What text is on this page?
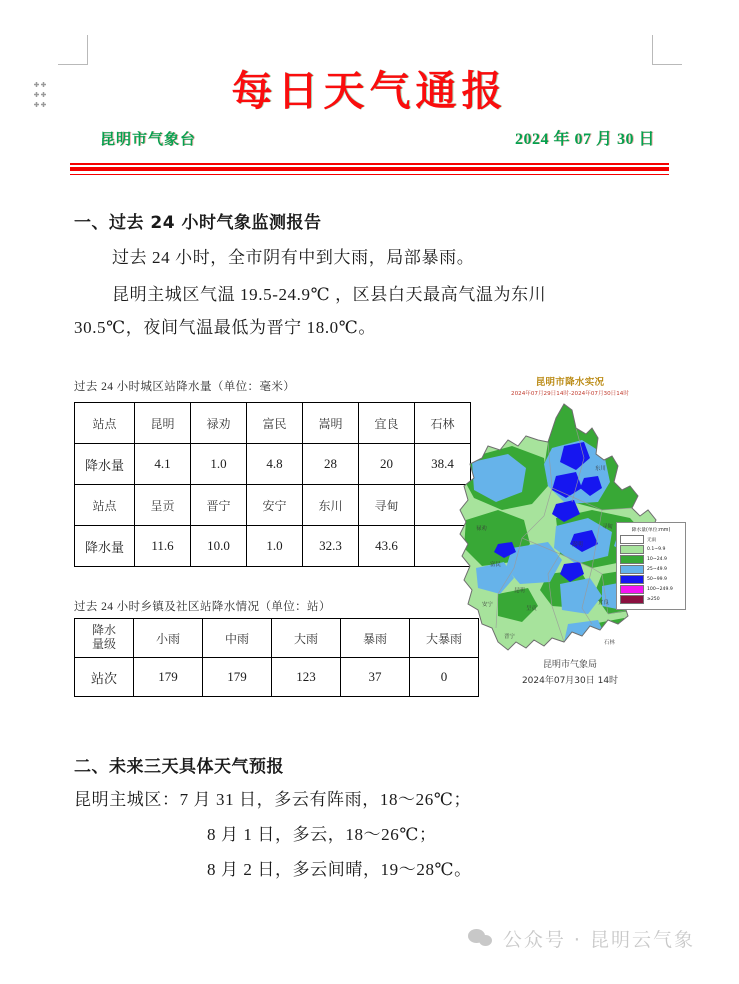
每日天气通报
昆明市气象台	2024 年 07 月 30 日
一、过去 24 小时气象监测报告
过去 24 小时，全市阴有中到大雨，局部暴雨。
昆明主城区气温 19.5-24.9℃ ，区县白天最高气温为东川
30.5℃，夜间气温最低为晋宁 18.0℃。
过去 24 小时城区站降水量（单位：毫米）
站点	昆明	禄劝	富民	嵩明	宜良	石林
降水量	4.1	1.0	4.8	28	20	38.4
站点	呈贡	晋宁	安宁	东川	寻甸	
降水量	11.6	10.0	1.0	32.3	43.6	
过去 24 小时乡镇及社区站降水情况（单位：站）
降水
量级	小雨	中雨	大雨	暴雨	大暴雨
站次	179	179	123	37	0
昆明市降水实况
2024年07月29日14时-2024年07月30日14时
东川
寻甸
禄劝
嵩明
富民
昆明
宜良
安宁
呈贡
晋宁
石林
降水量(单位:mm)
无雨
0.1~9.9
10~24.9
25~49.9
50~99.9
100~249.9
≥250
昆明市气象局
2024年07月30日 14时
二、未来三天具体天气预报
昆明主城区：7 月 31 日，多云有阵雨，18～26℃；
8 月 1 日，多云，18～26℃；
8 月 2 日，多云间晴，19～28℃。
公众号 · 昆明云气象
